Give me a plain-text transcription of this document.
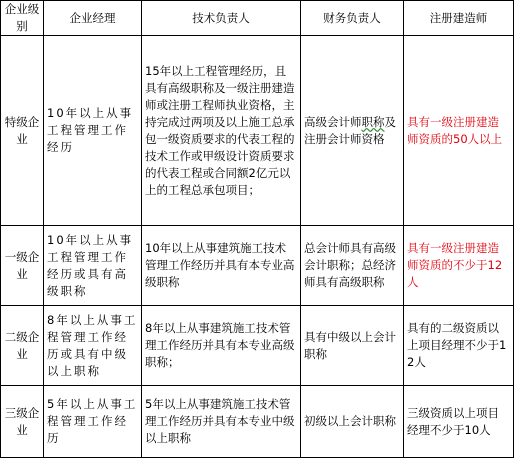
企业级别	企业经理	技术负责人	财务负责人	注册建造师
特级企业	10年以上从事工程管理工作经历	15年以上工程管理经历，且具有高级职称及一级注册建造师或注册工程师执业资格，主持完成过两项及以上施工总承包一级资质要求的代表工程的技术工作或甲级设计资质要求的代表工程或合同额2亿元以上的工程总承包项目；	高级会计师职称及注册会计师资格	具有一级注册建造师资质的50人以上
一级企业	10年以上从事工程管理工作经历或具有高级职称	10年以上从事建筑施工技术管理工作经历并具有本专业高级职称	总会计师具有高级会计职称；总经济师具有高级职称	具有一级注册建造师资质的不少于12人
二级企业	8年以上从事工程管理工作经历或具有中级以上职称	8年以上从事建筑施工技术管理工作经历并具有本专业高级职称；	具有中级以上会计职称	具有的二级资质以上项目经理不少于12人
三级企业	5年以上从事工程管理工作经历	5年以上从事建筑施工技术管理工作经历并具有本专业中级以上职称	初级以上会计职称	三级资质以上项目经理不少于10人
